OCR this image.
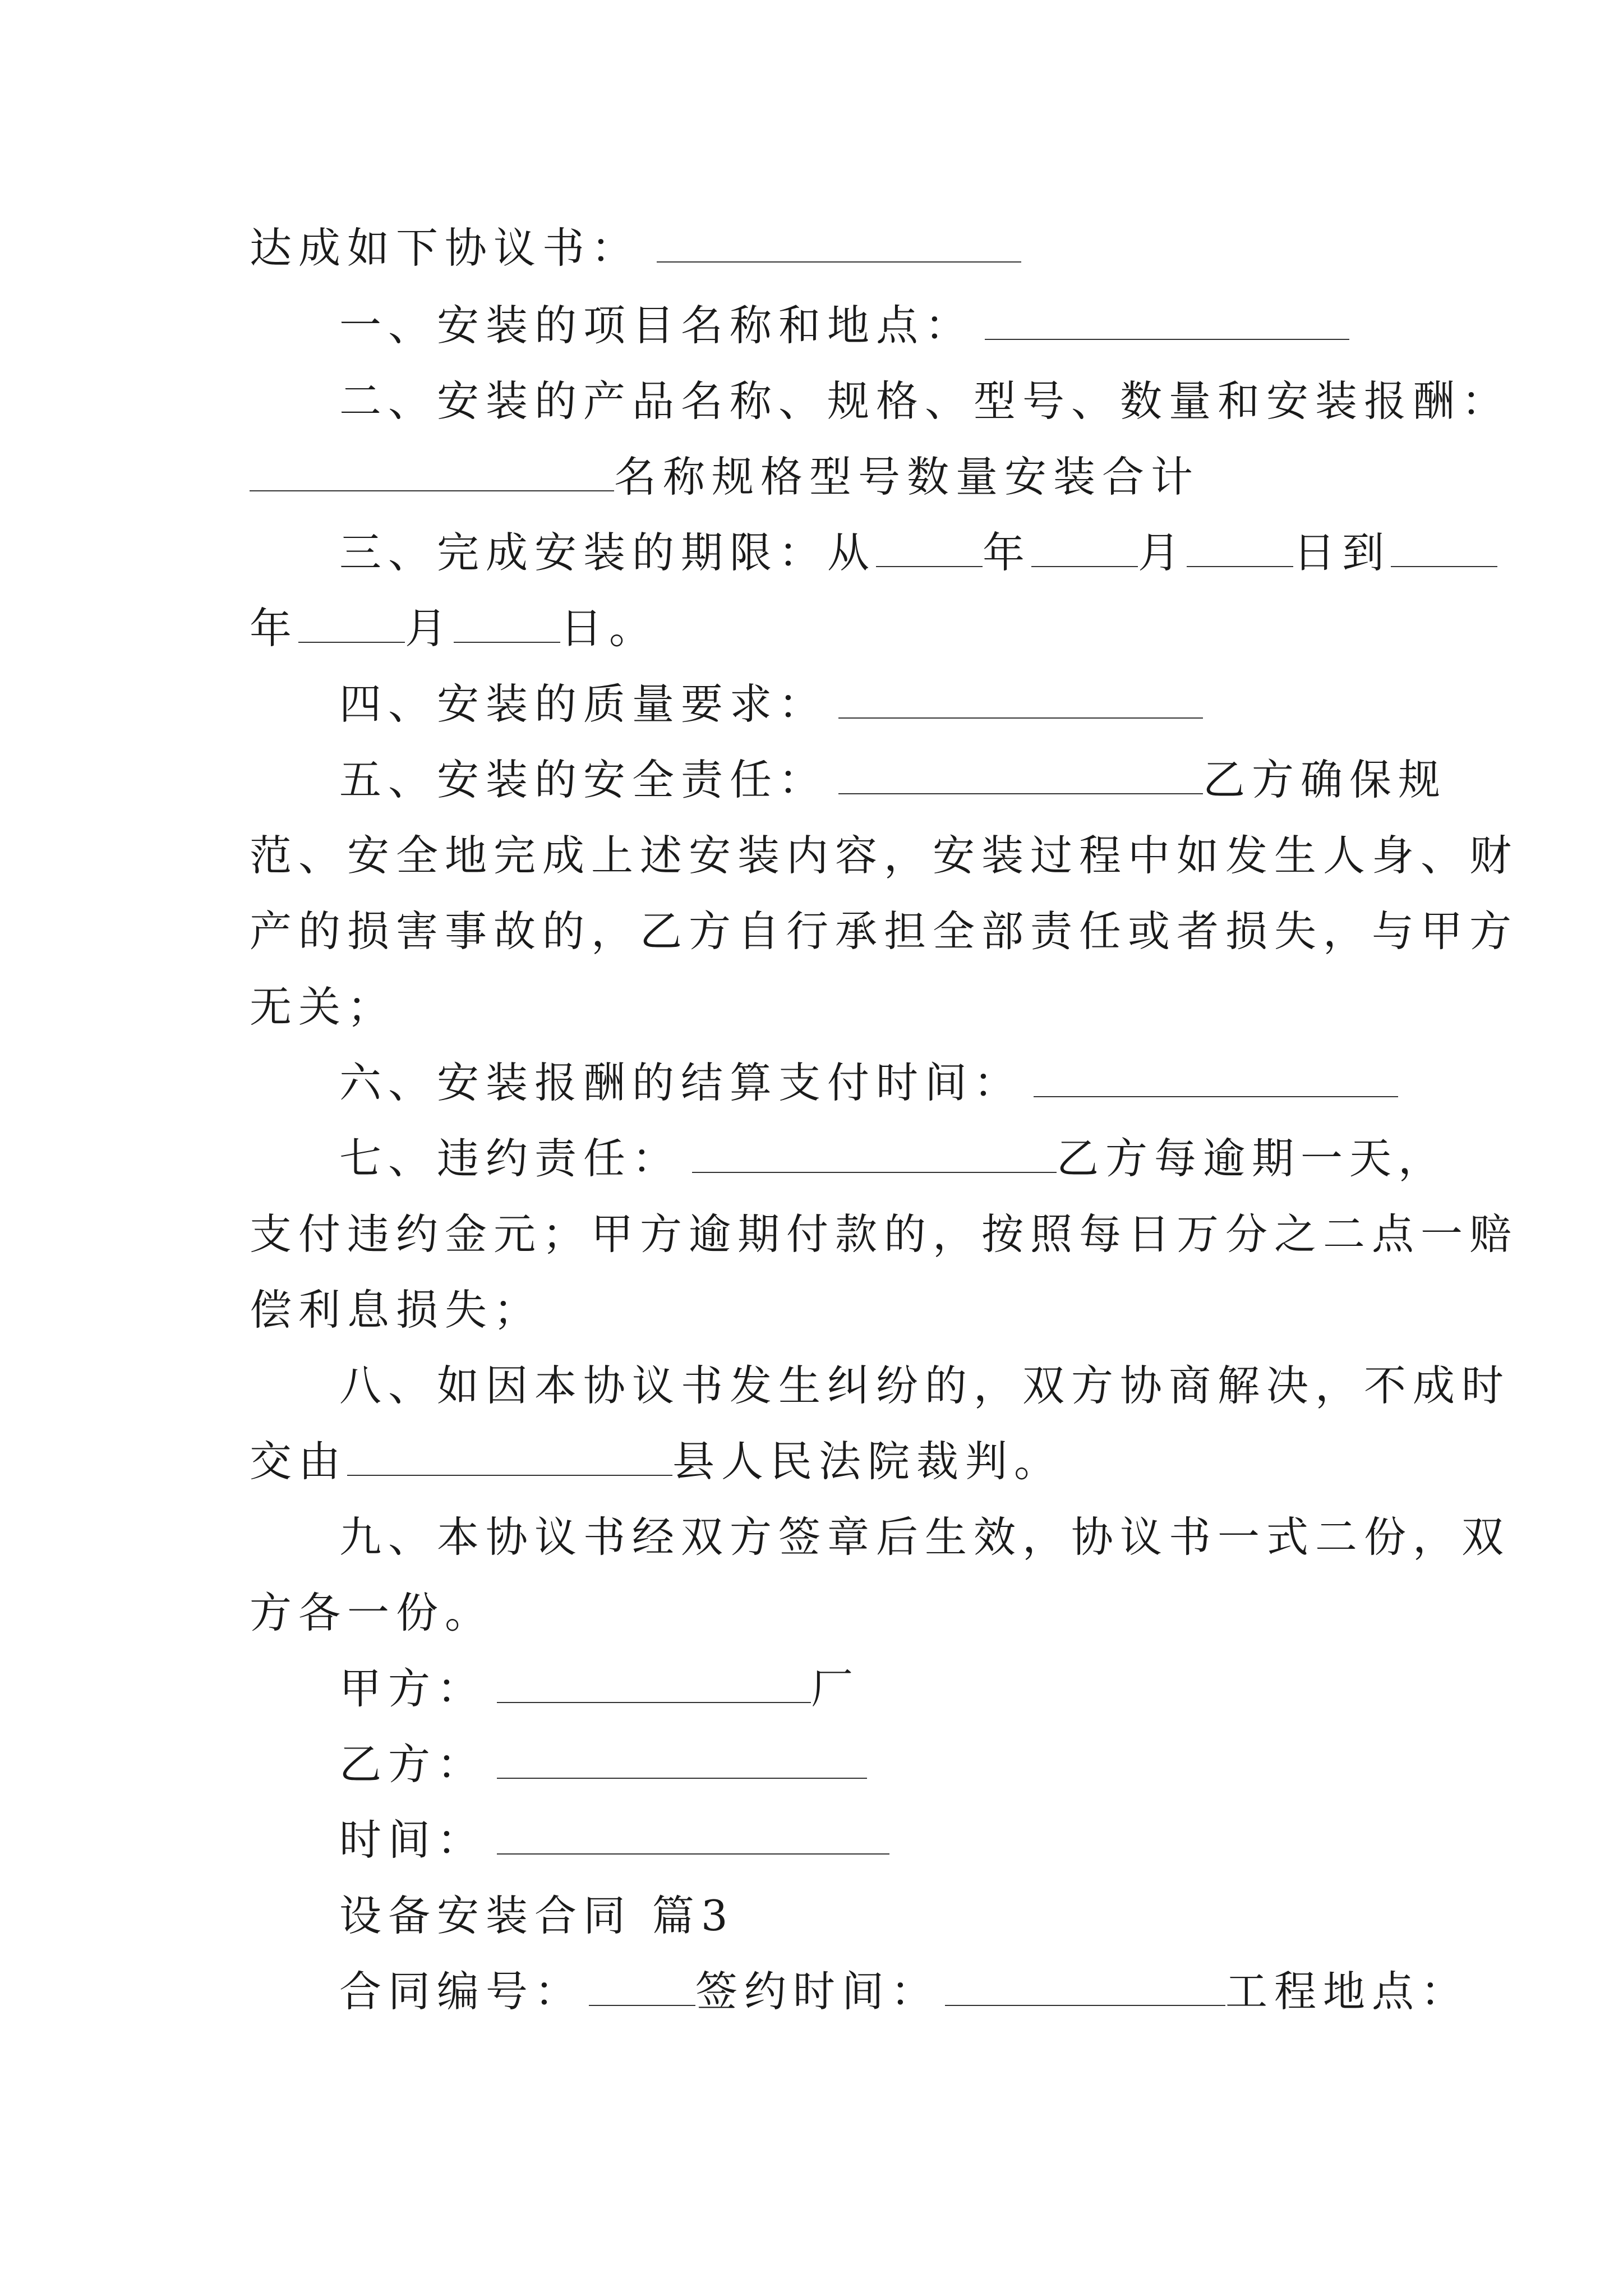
达成如下协议书：
一、安装的项目名称和地点：
二、安装的产品名称、规格、型号、数量和安装报酬：
名称规格型号数量安装合计
三、完成安装的期限：从	年	月	日到
年	月	日。
四、安装的质量要求：
五、安装的安全责任：	乙方确保规
范、安全地完成上述安装内容，安装过程中如发生人身、财
产的损害事故的，乙方自行承担全部责任或者损失，与甲方
无关；
六、安装报酬的结算支付时间：
七、违约责任：	乙方每逾期一天，
支付违约金元；甲方逾期付款的，按照每日万分之二点一赔
偿利息损失；
八、如因本协议书发生纠纷的，双方协商解决，不成时
交由	县人民法院裁判。
九、本协议书经双方签章后生效，协议书一式二份，双
方各一份。
甲方：	厂
乙方：
时间：
设备安装合同 篇3
合同编号：	签约时间：	工程地点：
